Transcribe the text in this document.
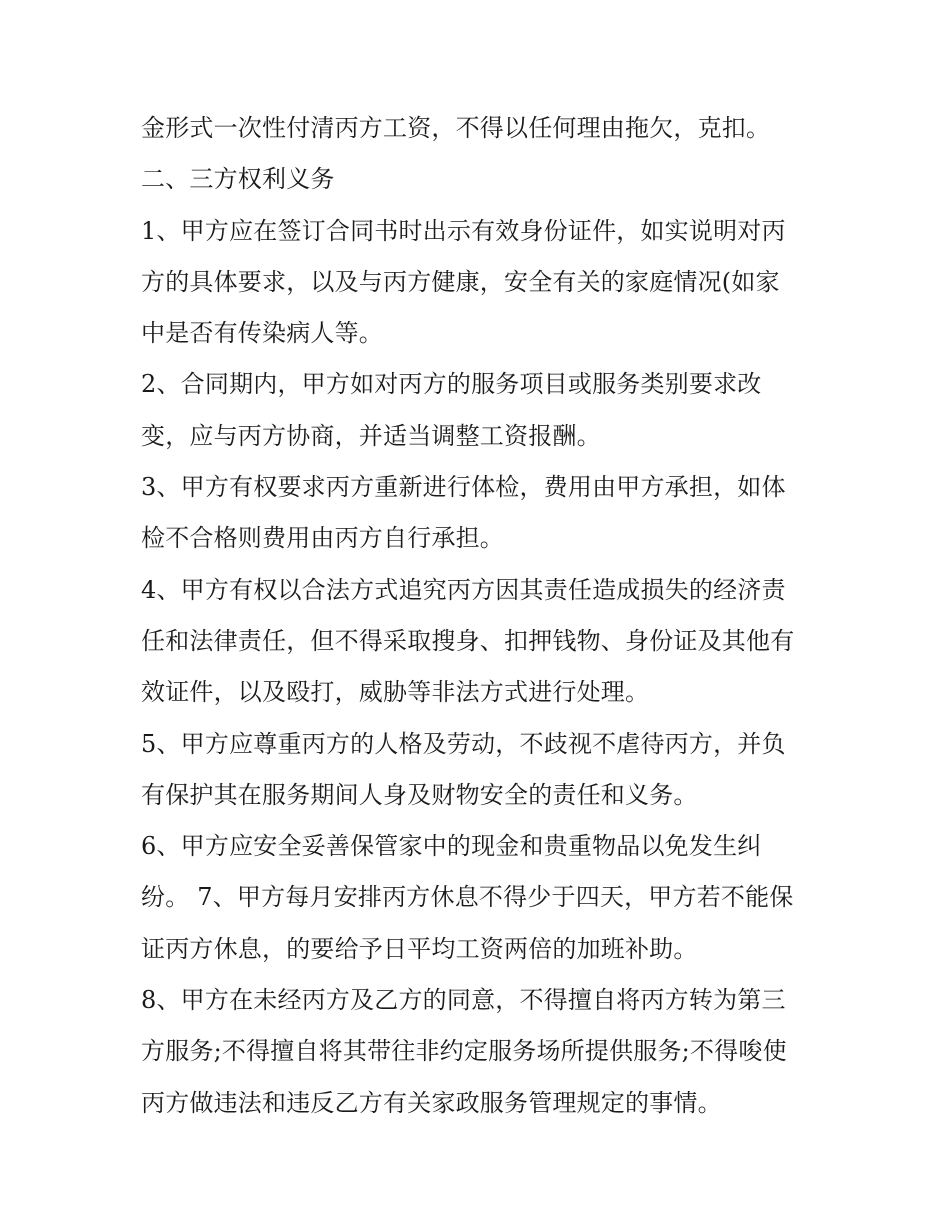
金形式一次性付清丙方工资，不得以任何理由拖欠，克扣。
二、三方权利义务
1、甲方应在签订合同书时出示有效身份证件，如实说明对丙
方的具体要求，以及与丙方健康，安全有关的家庭情况(如家
中是否有传染病人等。
2、合同期内，甲方如对丙方的服务项目或服务类别要求改
变，应与丙方协商，并适当调整工资报酬。
3、甲方有权要求丙方重新进行体检，费用由甲方承担，如体
检不合格则费用由丙方自行承担。
4、甲方有权以合法方式追究丙方因其责任造成损失的经济责
任和法律责任，但不得采取搜身、扣押钱物、身份证及其他有
效证件，以及殴打，威胁等非法方式进行处理。
5、甲方应尊重丙方的人格及劳动，不歧视不虐待丙方，并负
有保护其在服务期间人身及财物安全的责任和义务。
6、甲方应安全妥善保管家中的现金和贵重物品以免发生纠
纷。 7、甲方每月安排丙方休息不得少于四天，甲方若不能保
证丙方休息，的要给予日平均工资两倍的加班补助。
8、甲方在未经丙方及乙方的同意，不得擅自将丙方转为第三
方服务;不得擅自将其带往非约定服务场所提供服务;不得唆使
丙方做违法和违反乙方有关家政服务管理规定的事情。
